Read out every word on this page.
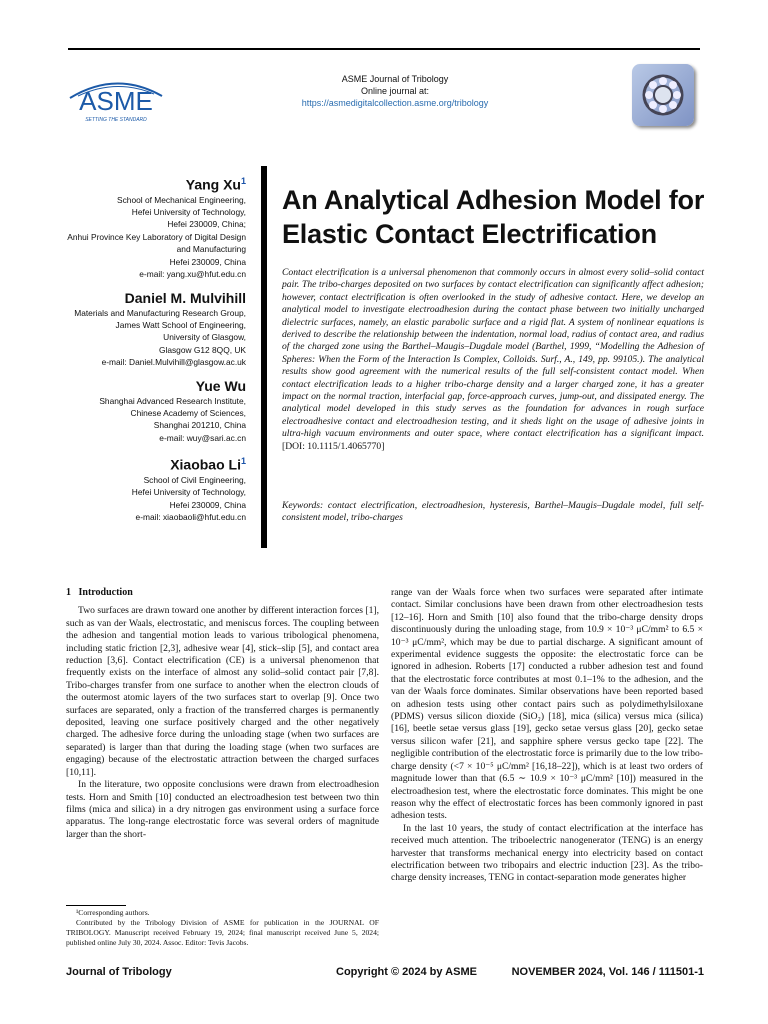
ASME
SETTING THE STANDARD
ASME Journal of Tribology
Online journal at:
https://asmedigitalcollection.asme.org/tribology
Yang Xu$^1$
School of Mechanical Engineering,
Hefei University of Technology,
Hefei 230009, China;
Anhui Province Key Laboratory of Digital Design
and Manufacturing
Hefei 230009, China
e-mail: yang.xu@hfut.edu.cn
Daniel M. Mulvihill
Materials and Manufacturing Research Group,
James Watt School of Engineering,
University of Glasgow,
Glasgow G12 8QQ, UK
e-mail: Daniel.Mulvihill@glasgow.ac.uk
Yue Wu
Shanghai Advanced Research Institute,
Chinese Academy of Sciences,
Shanghai 201210, China
e-mail: wuy@sari.ac.cn
Xiaobao Li$^1$
School of Civil Engineering,
Hefei University of Technology,
Hefei 230009, China
e-mail: xiaobaoli@hfut.edu.cn
An Analytical Adhesion Model for Elastic Contact Electrification
Contact electrification is a universal phenomenon that commonly occurs in almost every solid–solid contact pair. The tribo-charges deposited on two surfaces by contact electrification can significantly affect adhesion; however, contact electrification is often overlooked in the study of adhesive contact. Here, we develop an analytical model to investigate electroadhesion during the contact phase between two initially uncharged dielectric surfaces, namely, an elastic parabolic surface and a rigid flat. A system of nonlinear equations is derived to describe the relationship between the indentation, normal load, radius of contact area, and radius of the charged zone using the Barthel–Maugis–Dugdale model (Barthel, 1999, “Modelling the Adhesion of Spheres: When the Form of the Interaction Is Complex, Colloids. Surf., A., 149, pp. 99105.). The analytical results show good agreement with the numerical results of the full self-consistent contact model. When contact electrification leads to a higher tribo-charge density and a larger charged zone, it has a greater impact on the normal traction, interfacial gap, force-approach curves, jump-out, and dissipated energy. The analytical model developed in this study serves as the foundation for advances in rough surface electroadhesive contact and electroadhesion testing, and it sheds light on the usage of adhesive joints in ultra-high vacuum environments and outer space, where contact electrification has a significant impact. [DOI: 10.1115/1.4065770]
Keywords: contact electrification, electroadhesion, hysteresis, Barthel–Maugis–Dugdale model, full self-consistent model, tribo-charges
1 Introduction

Two surfaces are drawn toward one another by different interaction forces [1], such as van der Waals, electrostatic, and meniscus forces. The coupling between the adhesion and tangential motion leads to various tribological phenomena, including static friction [2,3], adhesive wear [4], stick–slip [5], and contact area reduction [3,6]. Contact electrification (CE) is a universal phenomenon that frequently exists on the interface of almost any solid–solid contact pair [7,8]. Tribo-charges transfer from one surface to another when the electron clouds of the outermost atomic layers of the two surfaces start to overlap [9]. Once two surfaces are separated, only a fraction of the transferred charges is permanently deposited, leaving one surface positively charged and the other negatively charged. The adhesive force during the unloading stage (when two surfaces are separated) is larger than that during the loading stage (when two surfaces are engaging) because of the electrostatic attraction between the charged surfaces [10,11].

In the literature, two opposite conclusions were drawn from electroadhesion tests. Horn and Smith [10] conducted an electroadhesion test between two thin films (mica and silica) in a dry nitrogen gas environment using a surface force apparatus. The long-range electrostatic force was several orders of magnitude larger than the short-

range van der Waals force when two surfaces were separated after intimate contact. Similar conclusions have been drawn from other electroadhesion tests [12–16]. Horn and Smith [10] also found that the tribo-charge density drops discontinuously during the unloading stage, from 10.9 × 10⁻³ μC/mm² to 6.5 × 10⁻³ μC/mm², which may be due to partial discharge. A significant amount of experimental evidence suggests the opposite: the electrostatic force can be ignored in adhesion. Roberts [17] conducted a rubber adhesion test and found that the electrostatic force contributes at most 0.1–1% to the adhesion, and the van der Waals force dominates. Similar observations have been reported based on adhesion tests using other contact pairs such as polydimethylsiloxane (PDMS) versus silicon dioxide (SiO₂) [18], mica (silica) versus mica (silica) [16], beetle setae versus glass [19], gecko setae versus glass [20], gecko setae versus silicon wafer [21], and sapphire sphere versus gecko tape [22]. The negligible contribution of the electrostatic force is primarily due to the low tribo-charge density (<7 × 10⁻⁵ μC/mm² [16,18–22]), which is at least two orders of magnitude lower than that (6.5 ∼ 10.9 × 10⁻³ μC/mm² [10]) measured in the electroadhesion test, where the electrostatic force dominates. This might be one reason why the effect of electrostatic forces has been commonly ignored in past adhesion tests.

In the last 10 years, the study of contact electrification at the interface has received much attention. The triboelectric nanogenerator (TENG) is an energy harvester that transforms mechanical energy into electricity based on contact electrification between two tribopairs and electric induction [23]. As the tribo-charge density increases, TENG in contact-separation mode generates higher

¹Corresponding authors.

Contributed by the Tribology Division of ASME for publication in the JOURNAL OF TRIBOLOGY. Manuscript received February 19, 2024; final manuscript received June 5, 2024; published online July 30, 2024. Assoc. Editor: Tevis Jacobs.

Journal of Tribology	Copyright © 2024 by ASME	NOVEMBER 2024, Vol. 146 / 111501-1
